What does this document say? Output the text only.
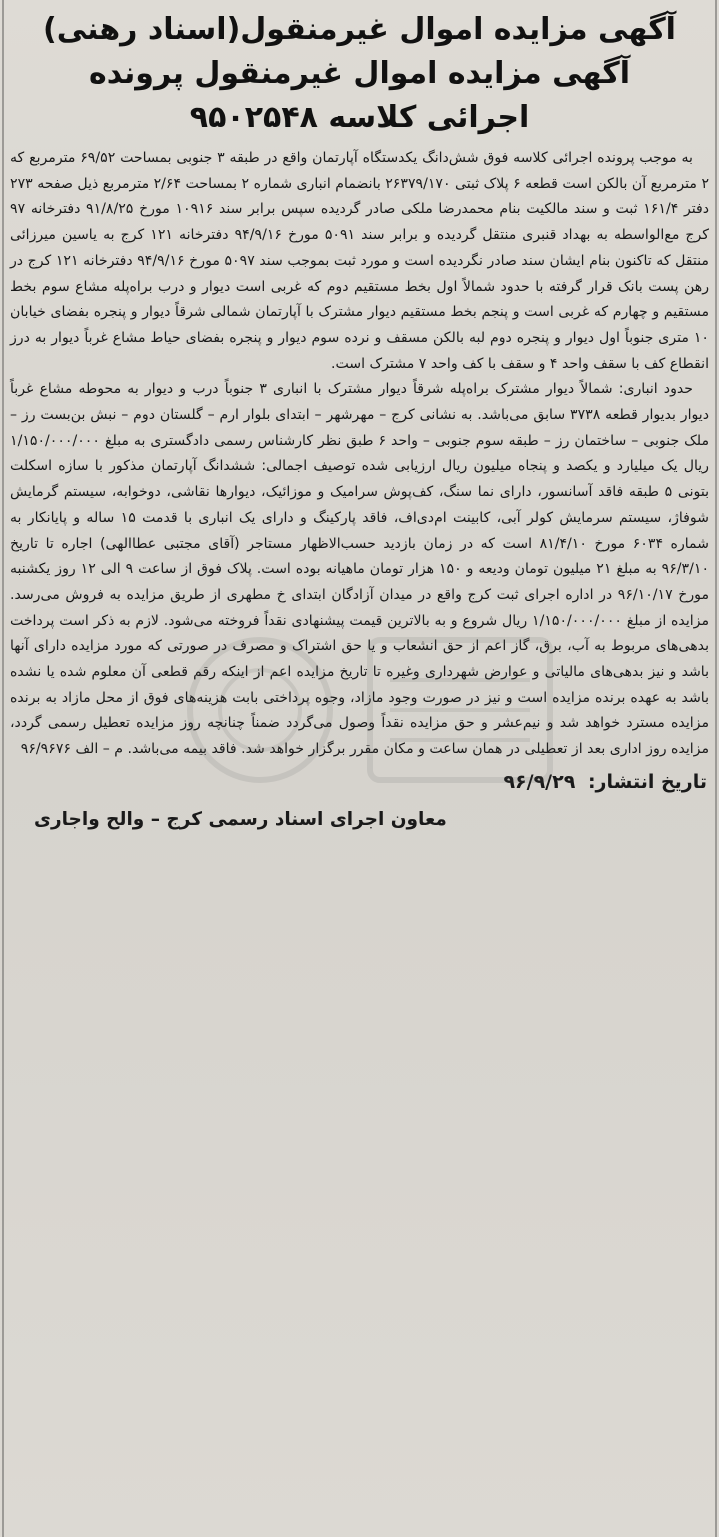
آگهی مزایده اموال غیرمنقول(اسناد رهنی)
آگهی مزایده اموال غیرمنقول پرونده
اجرائی کلاسه ۹۵۰۲۵۴۸

به موجب پرونده اجرائی کلاسه فوق شش‌دانگ یکدستگاه آپارتمان واقع در طبقه ۳ جنوبی بمساحت ۶۹/۵۲ مترمربع که ۲ مترمربع آن بالکن است قطعه ۶ پلاک ثبتی ۲۶۳۷۹/۱۷۰ بانضمام انباری شماره ۲ بمساحت ۲/۶۴ مترمربع ذیل صفحه ۲۷۳ دفتر ۱۶۱/۴ ثبت و سند مالکیت بنام محمدرضا ملکی صادر گردیده سپس برابر سند ۱۰۹۱۶ مورخ ۹۱/۸/۲۵ دفترخانه ۹۷ کرج مع‌الواسطه به بهداد قنبری منتقل گردیده و برابر سند ۵۰۹۱ مورخ ۹۴/۹/۱۶ دفترخانه ۱۲۱ کرج به یاسین میرزائی منتقل که تاکنون بنام ایشان سند صادر نگردیده است و مورد ثبت بموجب سند ۵۰۹۷ مورخ ۹۴/۹/۱۶ دفترخانه ۱۲۱ کرج در رهن پست بانک قرار گرفته با حدود شمالاً اول بخط مستقیم دوم که غربی است دیوار و درب براه‌پله مشاع سوم بخط مستقیم و چهارم که غربی است و پنجم بخط مستقیم دیوار مشترک با آپارتمان شمالی شرقاً دیوار و پنجره بفضای خیابان ۱۰ متری جنوباً اول دیوار و پنجره دوم لبه بالکن مسقف و نرده سوم دیوار و پنجره بفضای حیاط مشاع غرباً دیوار به درز انقطاع کف با سقف واحد ۴ و سقف با کف واحد ۷ مشترک است.

حدود انباری: شمالاً دیوار مشترک براه‌پله شرقاً دیوار مشترک با انباری ۳ جنوباً درب و دیوار به محوطه مشاع غرباً دیوار بدیوار قطعه ۳۷۳۸ سابق می‌باشد. به نشانی کرج – مهرشهر – ابتدای بلوار ارم – گلستان دوم – نبش بن‌بست رز – ملک جنوبی – ساختمان رز – طبقه سوم جنوبی – واحد ۶ طبق نظر کارشناس رسمی دادگستری به مبلغ ۱/۱۵۰/۰۰۰/۰۰۰ ریال یک میلیارد و یکصد و پنجاه میلیون ریال ارزیابی شده توصیف اجمالی: ششدانگ آپارتمان مذکور با سازه اسکلت بتونی ۵ طبقه فاقد آسانسور، دارای نما سنگ، کف‌پوش سرامیک و موزائیک، دیوارها نقاشی، دوخوابه، سیستم گرمایش شوفاژ، سیستم سرمایش کولر آبی، کابینت ام‌دی‌اف، فاقد پارکینگ و دارای یک انباری با قدمت ۱۵ ساله و پایانکار به شماره ۶۰۳۴ مورخ ۸۱/۴/۱۰ است که در زمان بازدید حسب‌الاظهار مستاجر (آقای مجتبی عطاالهی) اجاره تا تاریخ ۹۶/۳/۱۰ به مبلغ ۲۱ میلیون تومان ودیعه و ۱۵۰ هزار تومان ماهیانه بوده است. پلاک فوق از ساعت ۹ الی ۱۲ روز یکشنبه مورخ ۹۶/۱۰/۱۷ در اداره اجرای ثبت کرج واقع در میدان آزادگان ابتدای خ مطهری از طریق مزایده به فروش می‌رسد. مزایده از مبلغ ۱/۱۵۰/۰۰۰/۰۰۰ ریال شروع و به بالاترین قیمت پیشنهادی نقداً فروخته می‌شود. لازم به ذکر است پرداخت بدهی‌های مربوط به آب، برق، گاز اعم از حق انشعاب و یا حق اشتراک و مصرف در صورتی که مورد مزایده دارای آنها باشد و نیز بدهی‌های مالیاتی و عوارض شهرداری وغیره تا تاریخ مزایده اعم از اینکه رقم قطعی آن معلوم شده یا نشده باشد به عهده برنده مزایده است و نیز در صورت وجود مازاد، وجوه پرداختی بابت هزینه‌های فوق از محل مازاد به برنده مزایده مسترد خواهد شد و نیم‌عشر و حق مزایده نقداً وصول می‌گردد ضمناً چنانچه روز مزایده تعطیل رسمی گردد، مزایده روز اداری بعد از تعطیلی در همان ساعت و مکان مقرر برگزار خواهد شد. فاقد بیمه می‌باشد. م – الف ۹۶/۹۶۷۶

تاریخ انتشار: ۹۶/۹/۲۹
معاون اجرای اسناد رسمی کرج – والح واجاری
